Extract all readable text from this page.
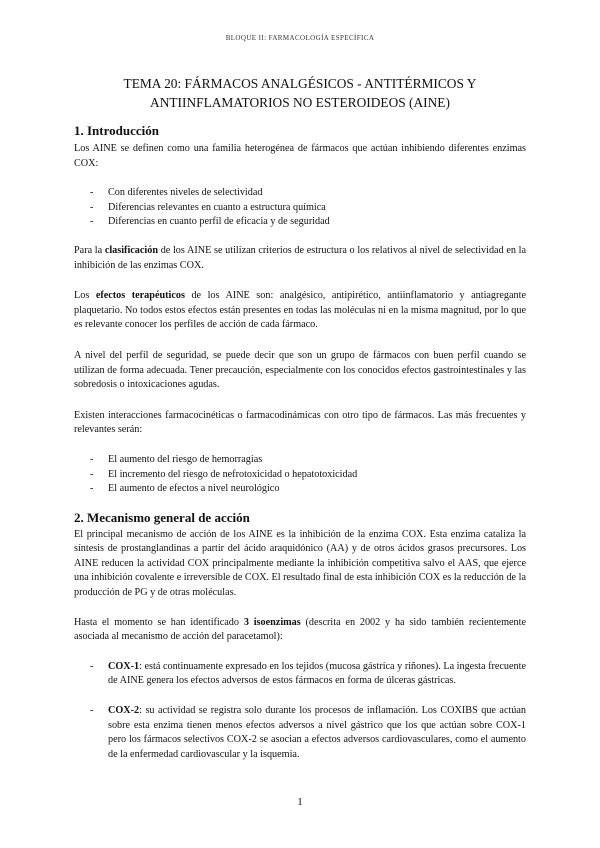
BLOQUE II: FARMACOLOGÍA ESPECÍFICA
TEMA 20: FÁRMACOS ANALGÉSICOS - ANTITÉRMICOS Y
ANTIINFLAMATORIOS NO ESTEROIDEOS (AINE)
1. Introducción

Los AINE se definen como una familia heterogénea de fármacos que actúan inhibiendo diferentes enzimas COX:

- Con diferentes niveles de selectividad
- Diferencias relevantes en cuanto a estructura química
- Diferencias en cuanto perfil de eficacia y de seguridad

Para la clasificación de los AINE se utilizan criterios de estructura o los relativos al nivel de selectividad en la inhibición de las enzimas COX.

Los efectos terapéuticos de los AINE son: analgésico, antipirético, antiinflamatorio y antiagregante plaquetario. No todos estos efectos están presentes en todas las moléculas ni en la misma magnitud, por lo que es relevante conocer los perfiles de acción de cada fármaco.

A nivel del perfil de seguridad, se puede decir que son un grupo de fármacos con buen perfil cuando se utilizan de forma adecuada. Tener precaución, especialmente con los conocidos efectos gastrointestinales y las sobredosis o intoxicaciones agudas.

Existen interacciones farmacocinéticas o farmacodinámicas con otro tipo de fármacos. Las más frecuentes y relevantes serán:

- El aumento del riesgo de hemorragias
- El incremento del riesgo de nefrotoxicidad o hepatotoxicidad
- El aumento de efectos a nivel neurológico
2. Mecanismo general de acción

El principal mecanismo de acción de los AINE es la inhibición de la enzima COX. Esta enzima cataliza la síntesis de prostanglandinas a partir del ácido araquidónico (AA) y de otros ácidos grasos precursores. Los AINE reducen la actividad COX principalmente mediante la inhibición competitiva salvo el AAS, que ejerce una inhibición covalente e irreversible de COX. El resultado final de esta inhibición COX es la reducción de la producción de PG y de otras moléculas.

Hasta el momento se han identificado 3 isoenzimas (descrita en 2002 y ha sido también recientemente asociada al mecanismo de acción del paracetamol):

- COX-1: está continuamente expresado en los tejidos (mucosa gástrica y riñones). La ingesta frecuente de AINE genera los efectos adversos de estos fármacos en forma de úlceras gástricas.
- COX-2: su actividad se registra solo durante los procesos de inflamación. Los COXIBS que actúan sobre esta enzima tienen menos efectos adversos a nivel gástrico que los que actúan sobre COX-1 pero los fármacos selectivos COX-2 se asocian a efectos adversos cardiovasculares, como el aumento de la enfermedad cardiovascular y la isquemia.
1
